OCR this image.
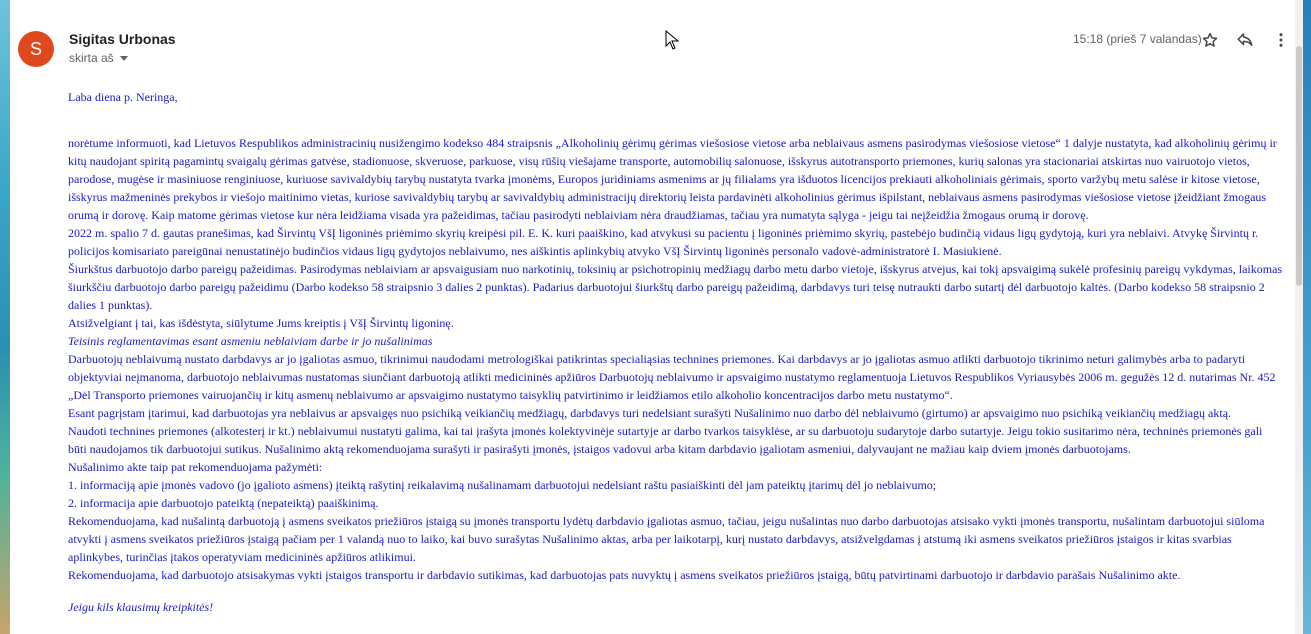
S	Sigitas Urbonas
skirta aš
15:18 (prieš 7 valandas)

Laba diena p. Neringa,

norėtume informuoti, kad Lietuvos Respublikos administracinių nusižengimo kodekso 484 straipsnis „Alkoholinių gėrimų gėrimas viešosiose vietose arba neblaivaus asmens pasirodymas viešosiose vietose“ 1 dalyje nustatyta, kad alkoholinių gėrimų ir kitų naudojant spiritą pagamintų svaigalų gėrimas gatvėse, stadionuose, skveruose, parkuose, visų rūšių viešajame transporte, automobilių salonuose, išskyrus autotransporto priemones, kurių salonas yra stacionariai atskirtas nuo vairuotojo vietos, parodose, mugėse ir masiniuose renginiuose, kuriuose savivaldybių tarybų nustatyta tvarka įmonėms, Europos juridiniams asmenims ar jų filialams yra išduotos licencijos prekiauti alkoholiniais gėrimais, sporto varžybų metu salėse ir kitose vietose, išskyrus mažmeninės prekybos ir viešojo maitinimo vietas, kuriose savivaldybių tarybų ar savivaldybių administracijų direktorių leista pardavinėti alkoholinius gėrimus išpilstant, neblaivaus asmens pasirodymas viešosiose vietose įžeidžiant žmogaus orumą ir dorovę. Kaip matome gėrimas vietose kur nėra leidžiama visada yra pažeidimas, tačiau pasirodyti neblaiviam nėra draudžiamas, tačiau yra numatyta sąlyga - jeigu tai neįžeidžia žmogaus orumą ir dorovę.

2022 m. spalio 7 d. gautas pranešimas, kad Širvintų VšĮ ligoninės priėmimo skyrių kreipėsi pil. E. K. kuri paaiškino, kad atvykusi su pacientu į ligoninės priėmimo skyrių, pastebėjo budinčią vidaus ligų gydytoją, kuri yra neblaivi. Atvykę Širvintų r. policijos komisariato pareigūnai nenustatinėjo budinčios vidaus ligų gydytojos neblaivumo, nes aiškintis aplinkybių atvyko VšĮ Širvintų ligoninės personalo vadovė-administratorė I. Masiukienė.

Šiurkštus darbuotojo darbo pareigų pažeidimas. Pasirodymas neblaiviam ar apsvaigusiam nuo narkotinių, toksinių ar psichotropinių medžiagų darbo metu darbo vietoje, išskyrus atvejus, kai tokį apsvaigimą sukėlė profesinių pareigų vykdymas, laikomas šiurkščiu darbuotojo darbo pareigų pažeidimu (Darbo kodekso 58 straipsnio 3 dalies 2 punktas). Padarius darbuotojui šiurkštų darbo pareigų pažeidimą, darbdavys turi teisę nutraukti darbo sutartį dėl darbuotojo kaltės. (Darbo kodekso 58 straipsnio 2 dalies 1 punktas).

Atsižvelgiant į tai, kas išdėstyta, siūlytume Jums kreiptis į VšĮ Širvintų ligoninę.

Teisinis reglamentavimas esant asmeniu neblaiviam darbe ir jo nušalinimas

Darbuotojų neblaivumą nustato darbdavys ar jo įgaliotas asmuo, tikrinimui naudodami metrologiškai patikrintas specialiąsias technines priemones. Kai darbdavys ar jo įgaliotas asmuo atlikti darbuotojo tikrinimo neturi galimybės arba to padaryti objektyviai neįmanoma, darbuotojo neblaivumas nustatomas siunčiant darbuotoją atlikti medicininės apžiūros Darbuotojų neblaivumo ir apsvaigimo nustatymo reglamentuoja Lietuvos Respublikos Vyriausybės 2006 m. gegužės 12 d. nutarimas Nr. 452 „Dėl Transporto priemones vairuojančių ir kitų asmenų neblaivumo ar apsvaigimo nustatymo taisyklių patvirtinimo ir leidžiamos etilo alkoholio koncentracijos darbo metu nustatymo“.

Esant pagrįstam įtarimui, kad darbuotojas yra neblaivus ar apsvaigęs nuo psichiką veikiančių medžiagų, darbdavys turi nedelsiant surašyti Nušalinimo nuo darbo dėl neblaivumo (girtumo) ar apsvaigimo nuo psichiką veikiančių medžiagų aktą.

Naudoti technines priemones (alkotesterį ir kt.) neblaivumui nustatyti galima, kai tai įrašyta įmonės kolektyvinėje sutartyje ar darbo tvarkos taisyklėse, ar su darbuotoju sudarytoje darbo sutartyje. Jeigu tokio susitarimo nėra, techninės priemonės gali būti naudojamos tik darbuotojui sutikus. Nušalinimo aktą rekomenduojama surašyti ir pasirašyti įmonės, įstaigos vadovui arba kitam darbdavio įgaliotam asmeniui, dalyvaujant ne mažiau kaip dviem įmonės darbuotojams.

Nušalinimo akte taip pat rekomenduojama pažymėti:

1. informaciją apie įmonės vadovo (jo įgalioto asmens) įteiktą rašytinį reikalavimą nušalinamam darbuotojui nedelsiant raštu pasiaiškinti dėl jam pateiktų įtarimų dėl jo neblaivumo;

2. informacija apie darbuotojo pateiktą (nepateiktą) paaiškinimą.

Rekomenduojama, kad nušalintą darbuotoją į asmens sveikatos priežiūros įstaigą su įmonės transportu lydėtų darbdavio įgaliotas asmuo, tačiau, jeigu nušalintas nuo darbo darbuotojas atsisako vykti įmonės transportu, nušalintam darbuotojui siūloma atvykti į asmens sveikatos priežiūros įstaigą pačiam per 1 valandą nuo to laiko, kai buvo surašytas Nušalinimo aktas, arba per laikotarpį, kurį nustato darbdavys, atsižvelgdamas į atstumą iki asmens sveikatos priežiūros įstaigos ir kitas svarbias aplinkybes, turinčias įtakos operatyviam medicininės apžiūros atlikimui.

Rekomenduojama, kad darbuotojo atsisakymas vykti įstaigos transportu ir darbdavio sutikimas, kad darbuotojas pats nuvyktų į asmens sveikatos priežiūros įstaigą, būtų patvirtinami darbuotojo ir darbdavio parašais Nušalinimo akte.

Jeigu kils klausimų kreipkitės!
